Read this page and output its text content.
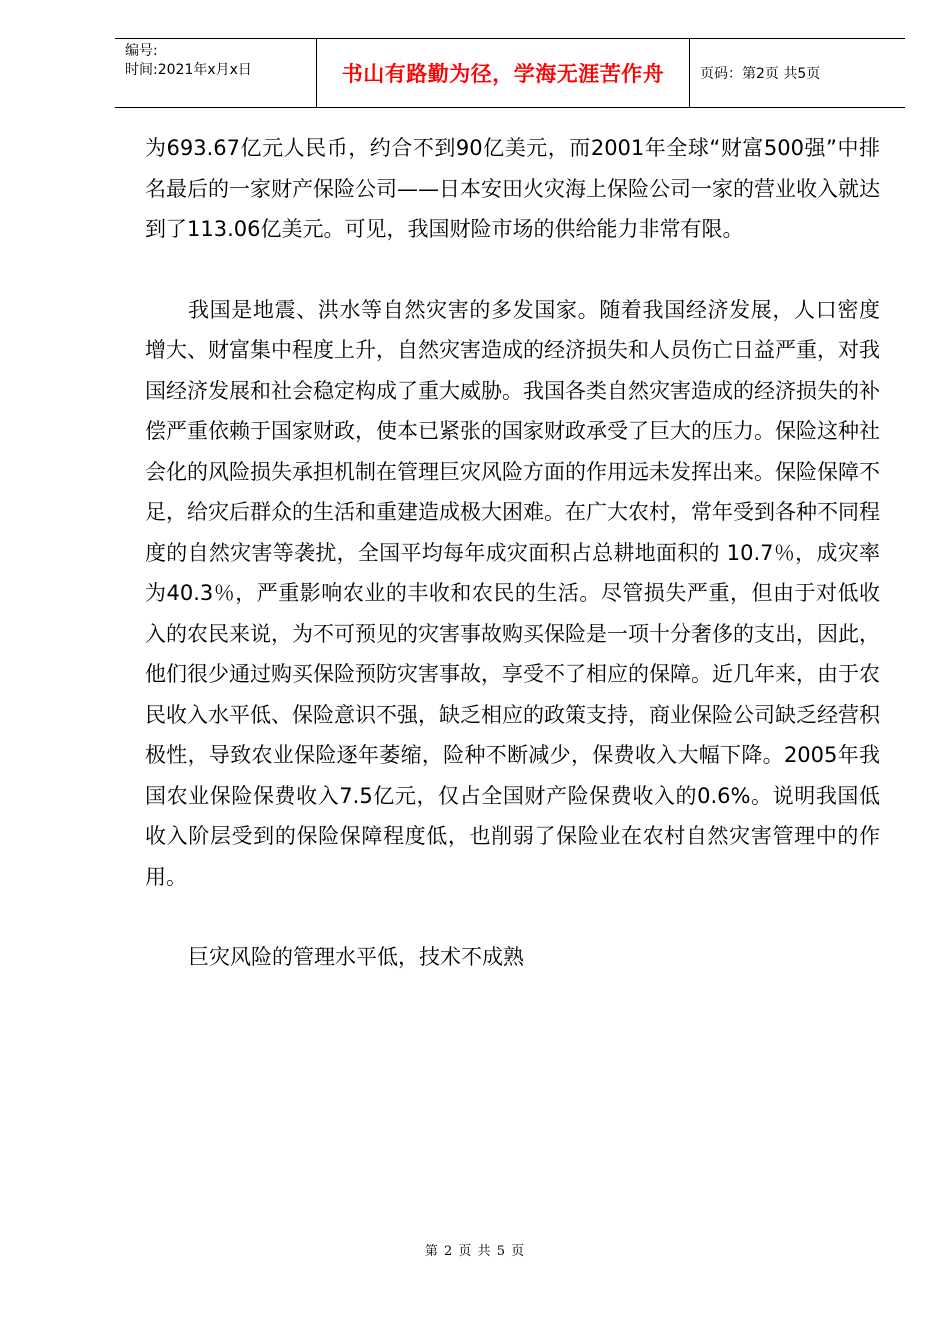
编号:
时间:2021年x月x日	书山有路勤为径，学海无涯苦作舟	页码：第2页 共5页

为693.67亿元人民币，约合不到90亿美元，而2001年全球“财富500强”中排名最后的一家财产保险公司——日本安田火灾海上保险公司一家的营业收入就达到了113.06亿美元。可见，我国财险市场的供给能力非常有限。

我国是地震、洪水等自然灾害的多发国家。随着我国经济发展，人口密度增大、财富集中程度上升，自然灾害造成的经济损失和人员伤亡日益严重，对我国经济发展和社会稳定构成了重大威胁。我国各类自然灾害造成的经济损失的补偿严重依赖于国家财政，使本已紧张的国家财政承受了巨大的压力。保险这种社会化的风险损失承担机制在管理巨灾风险方面的作用远未发挥出来。保险保障不足，给灾后群众的生活和重建造成极大困难。在广大农村，常年受到各种不同程度的自然灾害等袭扰，全国平均每年成灾面积占总耕地面积的 10.7％，成灾率为40.3％，严重影响农业的丰收和农民的生活。尽管损失严重，但由于对低收入的农民来说，为不可预见的灾害事故购买保险是一项十分奢侈的支出，因此，他们很少通过购买保险预防灾害事故，享受不了相应的保障。近几年来，由于农民收入水平低、保险意识不强，缺乏相应的政策支持，商业保险公司缺乏经营积极性，导致农业保险逐年萎缩，险种不断减少，保费收入大幅下降。2005年我国农业保险保费收入7.5亿元，仅占全国财产险保费收入的0.6%。说明我国低收入阶层受到的保险保障程度低，也削弱了保险业在农村自然灾害管理中的作用。

巨灾风险的管理水平低，技术不成熟

第 2 页 共 5 页
